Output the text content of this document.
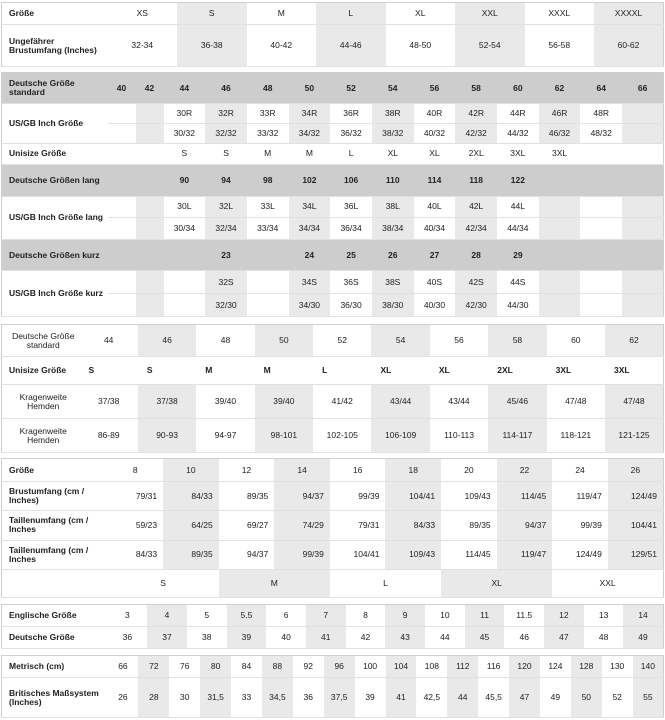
Größe	XS	S	M	L	XL	XXL	XXXL	XXXXL
Ungefährer Brustumfang (Inches)	32-34	36-38	40-42	44-46	48-50	52-54	56-58	60-62
Deutsche Größe standard	40	42	44	46	48	50	52	54	56	58	60	62	64	66
US/GB Inch Größe			30R	32R	33R	34R	36R	38R	40R	42R	44R	46R	48R	
			30/32	32/32	33/32	34/32	36/32	38/32	40/32	42/32	44/32	46/32	48/32	
Unisize Größe			S	S	M	M	L	XL	XL	2XL	3XL	3XL		
Deutsche Größen lang			90	94	98	102	106	110	114	118	122			
US/GB Inch Größe lang			30L	32L	33L	34L	36L	38L	40L	42L	44L			
			30/34	32/34	33/34	34/34	36/34	38/34	40/34	42/34	44/34			
Deutsche Größen kurz				23		24	25	26	27	28	29			
US/GB Inch Größe kurz				32S		34S	36S	38S	40S	42S	44S			
				32/30		34/30	36/30	38/30	40/30	42/30	44/30			
Deutsche Größe standard	44	46	48	50	52	54	56	58	60	62
Unisize Größe	S	S	M	M	L	XL	XL	2XL	3XL	3XL
Kragenweite Hemden	37/38	37/38	39/40	39/40	41/42	43/44	43/44	45/46	47/48	47/48
Kragenweite Hemden	86-89	90-93	94-97	98-101	102-105	106-109	110-113	114-117	118-121	121-125
Größe	8	10	12	14	16	18	20	22	24	26
Brustumfang (cm / Inches)	79/31	84/33	89/35	94/37	99/39	104/41	109/43	114/45	119/47	124/49
Taillenumfang (cm / Inches	59/23	64/25	69/27	74/29	79/31	84/33	89/35	94/37	99/39	104/41
Taillenumfang (cm / Inches	84/33	89/35	94/37	99/39	104/41	109/43	114/45	119/47	124/49	129/51
	S		M		L		XL		XXL	
Englische Größe	3	4	5	5.5	6	7	8	9	10	11	11.5	12	13	14
Deutsche Größe	36	37	38	39	40	41	42	43	44	45	46	47	48	49
Metrisch (cm)	66	72	76	80	84	88	92	96	100	104	108	112	116	120	124	128	130	140
Britisches Maßsystem (Inches)	26	28	30	31,5	33	34,5	36	37,5	39	41	42,5	44	45,5	47	49	50	52	55
